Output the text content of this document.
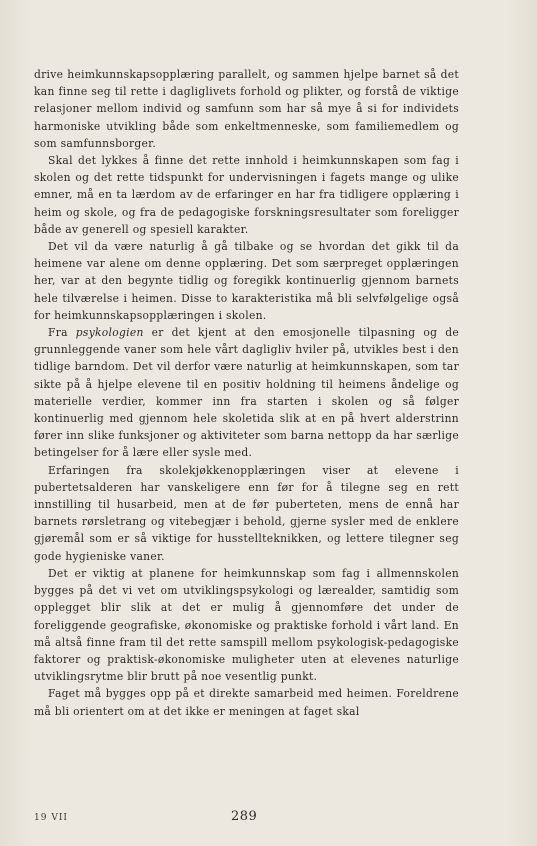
drive heimkunnskapsopplæring parallelt, og sammen hjelpe barnet så det kan finne seg til rette i dagliglivets forhold og plikter, og forstå de viktige relasjoner mellom individ og samfunn som har så mye å si for individets harmoniske utvikling både som enkeltmenneske, som familiemedlem og som samfunnsborger.

Skal det lykkes å finne det rette innhold i heimkunnskapen som fag i skolen og det rette tidspunkt for undervisningen i fagets mange og ulike emner, må en ta lærdom av de erfaringer en har fra tidligere opplæring i heim og skole, og fra de pedagogiske forskningsresultater som foreligger både av generell og spesiell karakter.

Det vil da være naturlig å gå tilbake og se hvordan det gikk til da heimene var alene om denne opplæring. Det som særpreget opplæringen her, var at den begynte tidlig og foregikk kontinuerlig gjennom barnets hele tilværelse i heimen. Disse to karakteristika må bli selvfølgelige også for heimkunnskapsopplæringen i skolen.

Fra psykologien er det kjent at den emosjonelle tilpasning og de grunnleggende vaner som hele vårt dagligliv hviler på, utvikles best i den tidlige barndom. Det vil derfor være naturlig at heimkunnskapen, som tar sikte på å hjelpe elevene til en positiv holdning til heimens åndelige og materielle verdier, kommer inn fra starten i skolen og så følger kontinuerlig med gjennom hele skoletida slik at en på hvert alderstrinn fører inn slike funksjoner og aktiviteter som barna nettopp da har særlige betingelser for å lære eller sysle med.

Erfaringen fra skolekjøkkenopplæringen viser at elevene i pubertetsalderen har vanskeligere enn før for å tilegne seg en rett innstilling til husarbeid, men at de før puberteten, mens de ennå har barnets rørsletrang og vitebegjær i behold, gjerne sysler med de enklere gjøremål som er så viktige for husstellteknikken, og lettere tilegner seg gode hygieniske vaner.

Det er viktig at planene for heimkunnskap som fag i allmennskolen bygges på det vi vet om utviklingspsykologi og lærealder, samtidig som opplegget blir slik at det er mulig å gjennomføre det under de foreliggende geografiske, økonomiske og praktiske forhold i vårt land. En må altså finne fram til det rette samspill mellom psykologisk-pedagogiske faktorer og praktisk-økonomiske muligheter uten at elevenes naturlige utviklingsrytme blir brutt på noe vesentlig punkt.

Faget må bygges opp på et direkte samarbeid med heimen. Foreldrene må bli orientert om at det ikke er meningen at faget skal

19 VII	289
